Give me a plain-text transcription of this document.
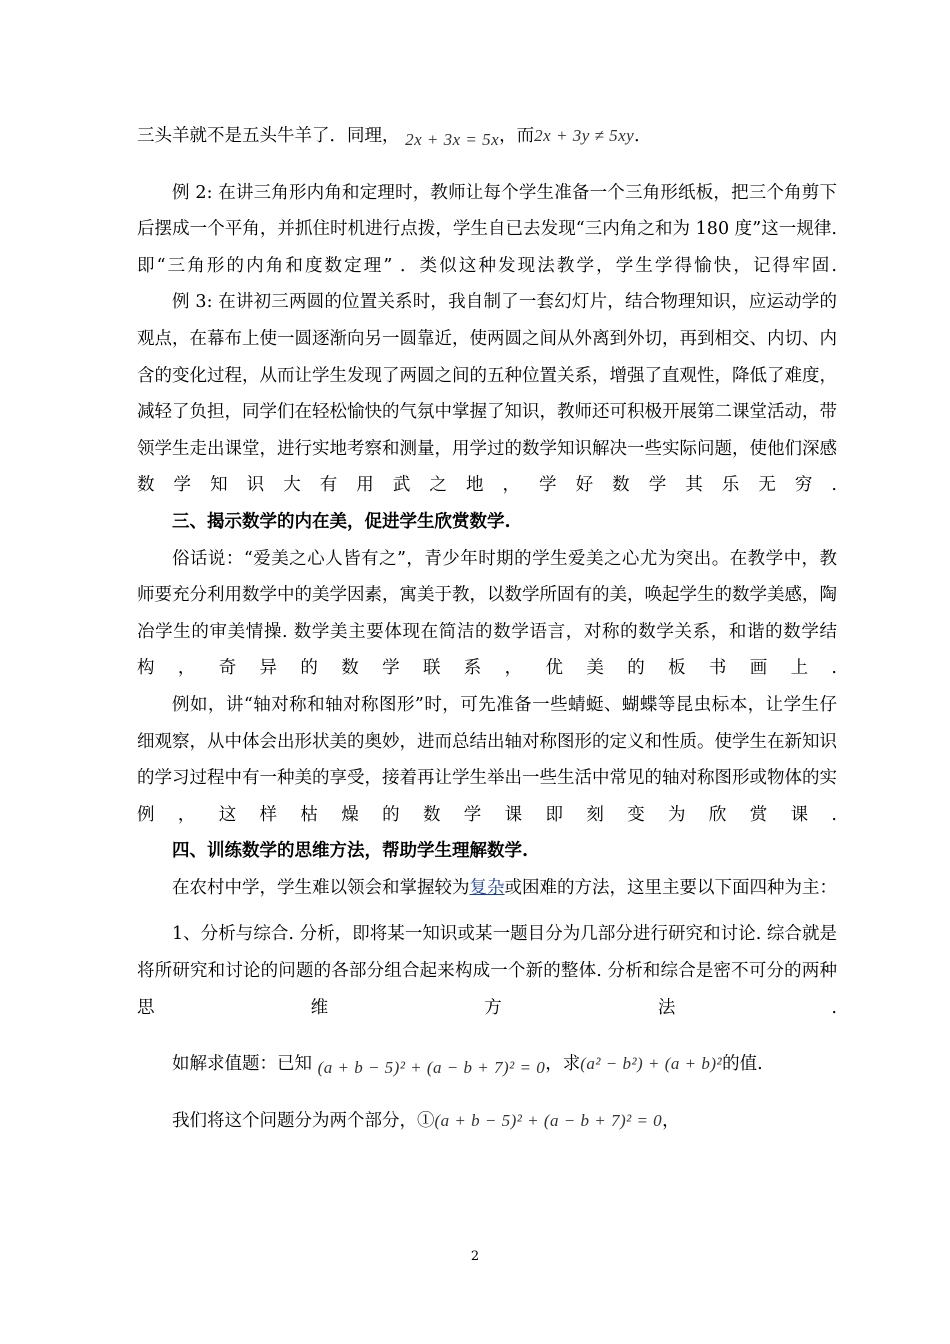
三头羊就不是五头牛羊了．同理， 2x + 3x = 5x，而2x + 3y ≠ 5xy．

例 2: 在讲三角形内角和定理时，教师让每个学生准备一个三角形纸板，把三个角剪下后摆成一个平角，并抓住时机进行点拨，学生自已去发现“三内角之和为 180 度”这一规律. 即“三角形的内角和度数定理” ．类似这种发现法教学，学生学得愉快，记得牢固.

例 3: 在讲初三两圆的位置关系时，我自制了一套幻灯片，结合物理知识，应运动学的观点，在幕布上使一圆逐渐向另一圆靠近，使两圆之间从外离到外切，再到相交、内切、内含的变化过程，从而让学生发现了两圆之间的五种位置关系，增强了直观性，降低了难度，减轻了负担，同学们在轻松愉快的气氛中掌握了知识，教师还可积极开展第二课堂活动，带领学生走出课堂，进行实地考察和测量，用学过的数学知识解决一些实际问题，使他们深感数学知识大有用武之地，学好数学其乐无穷.

三、揭示数学的内在美，促进学生欣赏数学.

俗话说：“爱美之心人皆有之”，青少年时期的学生爱美之心尤为突出。在教学中，教师要充分利用数学中的美学因素，寓美于教，以数学所固有的美，唤起学生的数学美感，陶冶学生的审美情操. 数学美主要体现在简洁的数学语言，对称的数学关系，和谐的数学结构，奇异的数学联系，优美的板书画上.

例如，讲“轴对称和轴对称图形”时，可先准备一些蜻蜓、蝴蝶等昆虫标本，让学生仔细观察，从中体会出形状美的奥妙，进而总结出轴对称图形的定义和性质。使学生在新知识的学习过程中有一种美的享受，接着再让学生举出一些生活中常见的轴对称图形或物体的实例，这样枯燥的数学课即刻变为欣赏课.

四、训练数学的思维方法，帮助学生理解数学.

在农村中学，学生难以领会和掌握较为复杂或困难的方法，这里主要以下面四种为主：

1、分析与综合. 分析，即将某一知识或某一题目分为几部分进行研究和讨论. 综合就是将所研究和讨论的问题的各部分组合起来构成一个新的整体. 分析和综合是密不可分的两种思维方法.

如解求值题：已知 (a + b − 5)² + (a − b + 7)² = 0，求(a² − b²) + (a + b)²的值.

我们将这个问题分为两个部分，①(a + b − 5)² + (a − b + 7)² = 0，

2
